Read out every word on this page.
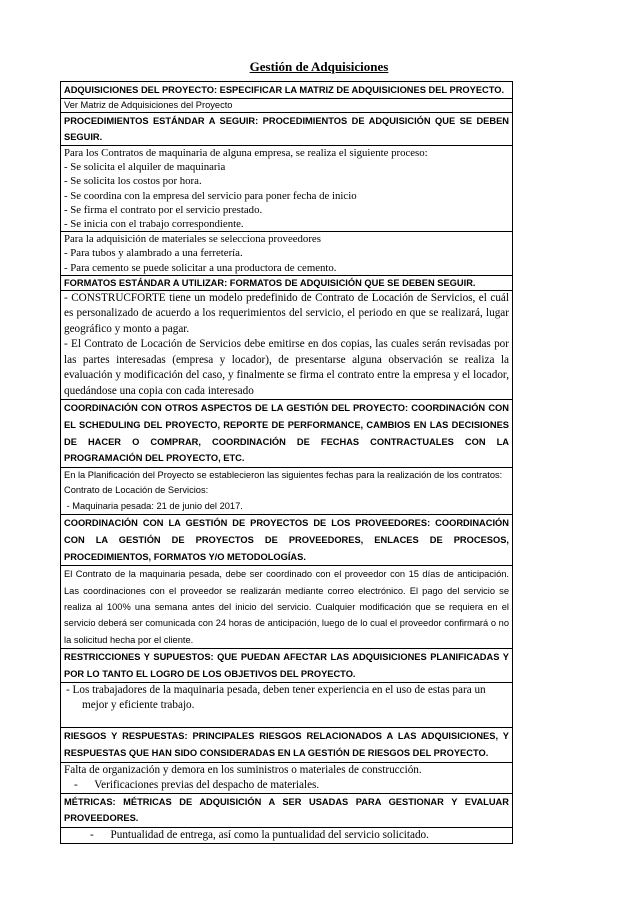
Gestión de Adquisiciones
ADQUISICIONES DEL PROYECTO: ESPECIFICAR LA MATRIZ DE ADQUISICIONES DEL PROYECTO.
Ver Matriz de Adquisiciones del Proyecto
PROCEDIMIENTOS ESTÁNDAR A SEGUIR: PROCEDIMIENTOS DE ADQUISICIÓN QUE SE DEBEN SEGUIR.

Para los Contratos de maquinaria de alguna empresa, se realiza el siguiente proceso:
- Se solicita el alquiler de maquinaria
- Se solicita los costos por hora.
- Se coordina con la empresa del servicio para poner fecha de inicio
- Se firma el contrato por el servicio prestado.
- Se inicia con el trabajo correspondiente.

Para la adquisición de materiales se selecciona proveedores
- Para tubos y alambrado a una ferretería.
- Para cemento se puede solicitar a una productora de cemento.

FORMATOS ESTÁNDAR A UTILIZAR: FORMATOS DE ADQUISICIÓN QUE SE DEBEN SEGUIR.

- CONSTRUCFORTE tiene un modelo predefinido de Contrato de Locación de Servicios, el cuál es personalizado de acuerdo a los requerimientos del servicio, el periodo en que se realizará, lugar geográfico y monto a pagar.
- El Contrato de Locación de Servicios debe emitirse en dos copias, las cuales serán revisadas por las partes interesadas (empresa y locador), de presentarse alguna observación se realiza la evaluación y modificación del caso, y finalmente se firma el contrato entre la empresa y el locador, quedándose una copia con cada interesado

COORDINACIÓN CON OTROS ASPECTOS DE LA GESTIÓN DEL PROYECTO: COORDINACIÓN CON EL SCHEDULING DEL PROYECTO, REPORTE DE PERFORMANCE, CAMBIOS EN LAS DECISIONES DE HACER O COMPRAR, COORDINACIÓN DE FECHAS CONTRACTUALES CON LA PROGRAMACIÓN DEL PROYECTO, ETC.

En la Planificación del Proyecto se establecieron las siguientes fechas para la realización de los contratos:
Contrato de Locación de Servicios:
- Maquinaria pesada: 21 de junio del 2017.

COORDINACIÓN CON LA GESTIÓN DE PROYECTOS DE LOS PROVEEDORES: COORDINACIÓN CON LA GESTIÓN DE PROYECTOS DE PROVEEDORES, ENLACES DE PROCESOS, PROCEDIMIENTOS, FORMATOS Y/O METODOLOGÍAS.
El Contrato de la maquinaria pesada, debe ser coordinado con el proveedor con 15 días de anticipación. Las coordinaciones con el proveedor se realizarán mediante correo electrónico. El pago del servicio se realiza al 100% una semana antes del inicio del servicio. Cualquier modificación que se requiera en el servicio deberá ser comunicada con 24 horas de anticipación, luego de lo cual el proveedor confirmará o no la solicitud hecha por el cliente.
RESTRICCIONES Y SUPUESTOS: QUE PUEDAN AFECTAR LAS ADQUISICIONES PLANIFICADAS Y POR LO TANTO EL LOGRO DE LOS OBJETIVOS DEL PROYECTO.

- Los trabajadores de la maquinaria pesada, deben tener experiencia en el uso de estas para un mejor y eficiente trabajo.

RIESGOS Y RESPUESTAS: PRINCIPALES RIESGOS RELACIONADOS A LAS ADQUISICIONES, Y RESPUESTAS QUE HAN SIDO CONSIDERADAS EN LA GESTIÓN DE RIESGOS DEL PROYECTO.

Falta de organización y demora en los suministros o materiales de construcción.
-      Verificaciones previas del despacho de materiales.

MÉTRICAS: MÉTRICAS DE ADQUISICIÓN A SER USADAS PARA GESTIONAR Y EVALUAR PROVEEDORES.

-      Puntualidad de entrega, así como la puntualidad del servicio solicitado.
